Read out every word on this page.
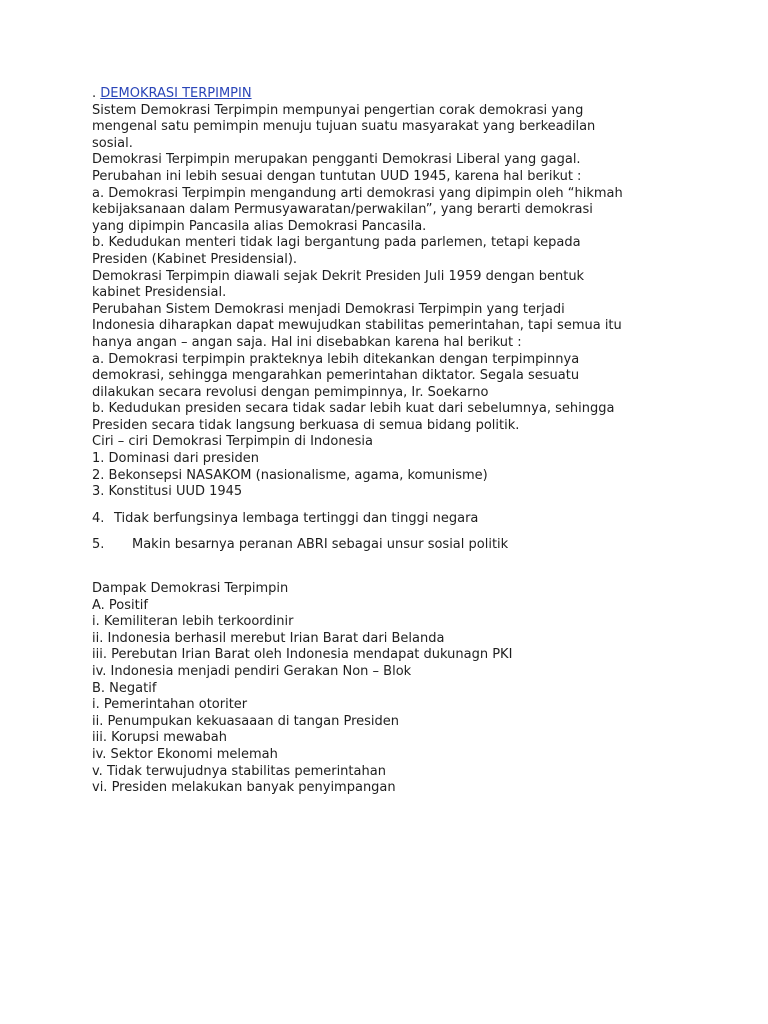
. DEMOKRASI TERPIMPIN
Sistem Demokrasi Terpimpin mempunyai pengertian corak demokrasi yang
mengenal satu pemimpin menuju tujuan suatu masyarakat yang berkeadilan
sosial.
Demokrasi Terpimpin merupakan pengganti Demokrasi Liberal yang gagal.
Perubahan ini lebih sesuai dengan tuntutan UUD 1945, karena hal berikut :
a. Demokrasi Terpimpin mengandung arti demokrasi yang dipimpin oleh “hikmah
kebijaksanaan dalam Permusyawaratan/perwakilan”, yang berarti demokrasi
yang dipimpin Pancasila alias Demokrasi Pancasila.
b. Kedudukan menteri tidak lagi bergantung pada parlemen, tetapi kepada
Presiden (Kabinet Presidensial).
Demokrasi Terpimpin diawali sejak Dekrit Presiden Juli 1959 dengan bentuk
kabinet Presidensial.
Perubahan Sistem Demokrasi menjadi Demokrasi Terpimpin yang terjadi
Indonesia diharapkan dapat mewujudkan stabilitas pemerintahan, tapi semua itu
hanya angan – angan saja. Hal ini disebabkan karena hal berikut :
a. Demokrasi terpimpin prakteknya lebih ditekankan dengan terpimpinnya
demokrasi, sehingga mengarahkan pemerintahan diktator. Segala sesuatu
dilakukan secara revolusi dengan pemimpinnya, Ir. Soekarno
b. Kedudukan presiden secara tidak sadar lebih kuat dari sebelumnya, sehingga
Presiden secara tidak langsung berkuasa di semua bidang politik.
Ciri – ciri Demokrasi Terpimpin di Indonesia
1. Dominasi dari presiden
2. Bekonsepsi NASAKOM (nasionalisme, agama, komunisme)
3. Konstitusi UUD 1945
4. Tidak berfungsinya lembaga tertinggi dan tinggi negara
5. Makin besarnya peranan ABRI sebagai unsur sosial politik
Dampak Demokrasi Terpimpin
A. Positif
i. Kemiliteran lebih terkoordinir
ii. Indonesia berhasil merebut Irian Barat dari Belanda
iii. Perebutan Irian Barat oleh Indonesia mendapat dukunagn PKI
iv. Indonesia menjadi pendiri Gerakan Non – Blok
B. Negatif
i. Pemerintahan otoriter
ii. Penumpukan kekuasaaan di tangan Presiden
iii. Korupsi mewabah
iv. Sektor Ekonomi melemah
v. Tidak terwujudnya stabilitas pemerintahan
vi. Presiden melakukan banyak penyimpangan
